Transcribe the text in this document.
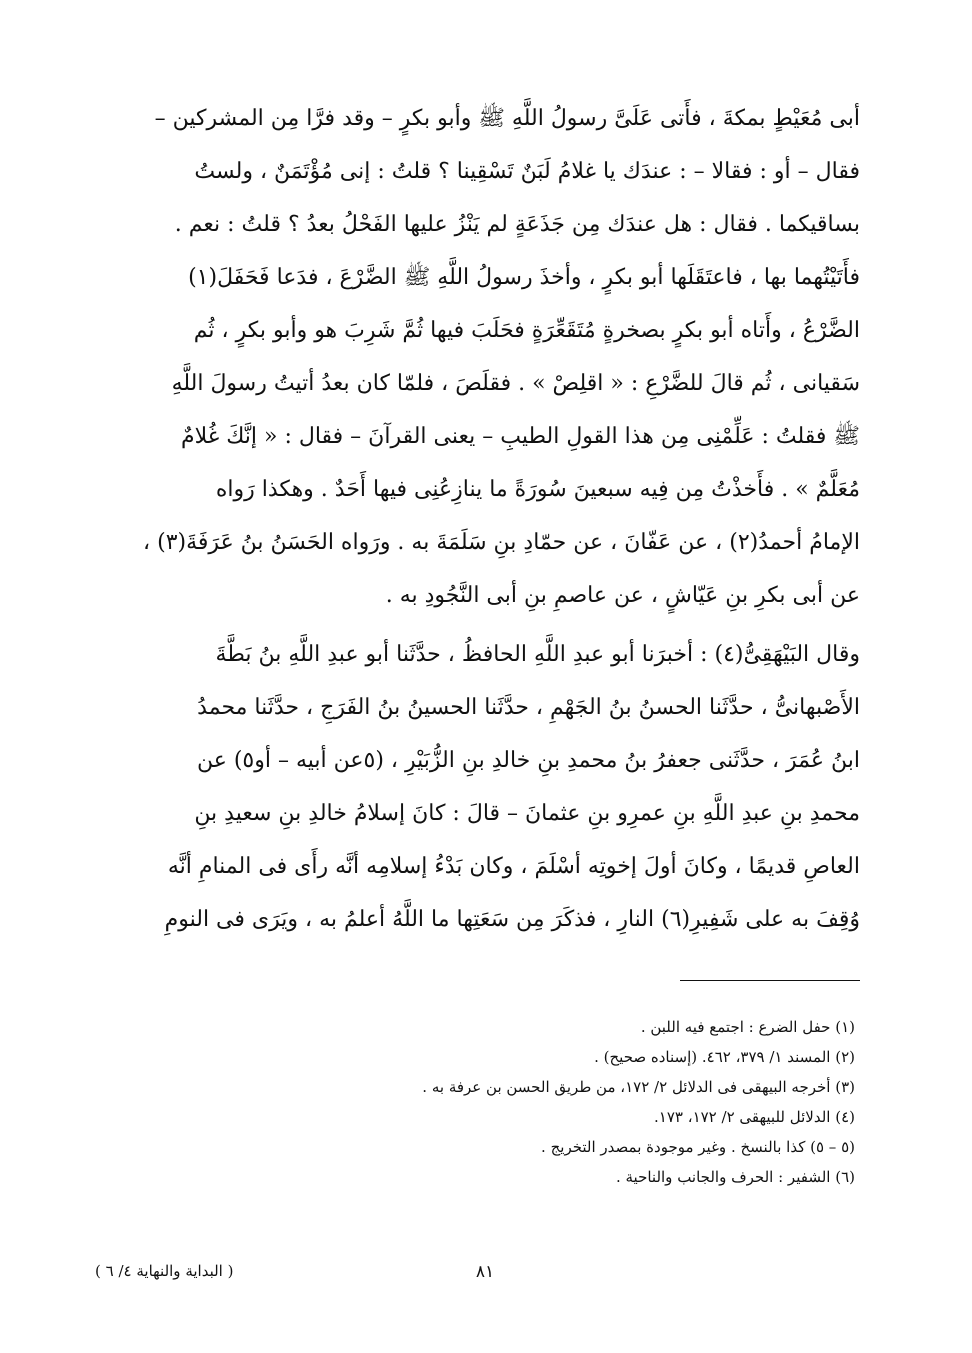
أبى مُعَيْطٍ بمكةَ ، فأَتى عَلَىَّ رسولُ اللَّهِ ﷺ وأبو بكرٍ – وقد فرَّا مِن المشركين –
فقال – أو : فقالا – : عندَك يا غلامُ لَبَنٌ تَسْقِينا ؟ قلتُ : إنى مُؤْتَمَنٌ ، ولستُ
بساقيكما . فقال : هل عندَك مِن جَذَعَةٍ لم يَنْزُ عليها الفَحْلُ بعدُ ؟ قلتُ : نعم .
فأَتَيْتُهما بها ، فاعتَقَلَها أبو بكرٍ ، وأخذَ رسولُ اللَّهِ ﷺ الضَّرْعَ ، فدَعا فَحَفَلَ(١)
الضَّرْعُ ، وأَتاه أبو بكرٍ بصخرةٍ مُتَقَعِّرَةٍ فحَلَبَ فيها ثُمَّ شَرِبَ هو وأبو بكرٍ ، ثُم
سَقيانى ، ثُم قالَ للضَّرْعِ : « اقلِصْ » . فقلَصَ ، فلمّا كان بعدُ أتيتُ رسولَ اللَّهِ
ﷺ فقلتُ : عَلِّمْنِى مِن هذا القولِ الطيبِ – يعنى القرآنَ – فقال : « إنَّكَ غُلامٌ
مُعَلَّمٌ » . فأَخذْتُ مِن فِيه سبعينَ سُورَةً ما ينازِعُنِى فيها أَحَدٌ . وهكذا رَواه
الإمامُ أحمدُ(٢) ، عن عَفّانَ ، عن حمّادِ بنِ سَلَمَةَ به . ورَواه الحَسَنُ بنُ عَرَفَةَ(٣) ،
عن أبى بكرِ بنِ عَيّاشٍ ، عن عاصمِ بنِ أبى النَّجُودِ به .
وقال البَيْهَقِىُّ(٤) : أخبرَنا أبو عبدِ اللَّهِ الحافظُ ، حدَّثَنا أبو عبدِ اللَّهِ بنُ بَطَّةَ
الأَصْبهانىُّ ، حدَّثَنا الحسنُ بنُ الجَهْمِ ، حدَّثَنا الحسينُ بنُ الفَرَجِ ، حدَّثَنا محمدُ
ابنُ عُمَرَ ، حدَّثَنى جعفرُ بنُ محمدِ بنِ خالدِ بنِ الزُّبَيْرِ ، (٥عن أبيه – أو٥) عن
محمدِ بنِ عبدِ اللَّهِ بنِ عمرِو بنِ عثمانَ – قالَ : كانَ إسلامُ خالدِ بنِ سعيدِ بنِ
العاصِ قديمًا ، وكانَ أولَ إخوتِه أسْلَمَ ، وكان بَدْءُ إسلامِه أنَّه رأَى فى المنامِ أنَّه
وُقِفَ به على شَفِيرِ(٦) النارِ ، فذكَرَ مِن سَعَتِها ما اللَّهُ أعلمُ به ، ويَرَى فى النومِ
(١) حفل الضرع : اجتمع فيه اللبن .
(٢) المسند ١/ ٣٧٩، ٤٦٢. (إسناده صحيح) .
(٣) أخرجه البيهقى فى الدلائل ٢/ ١٧٢، من طريق الحسن بن عرفة به .
(٤) الدلائل للبيهقى ٢/ ١٧٢، ١٧٣.
(٥ – ٥) كذا بالنسخ . وغير موجودة بمصدر التخريج .
(٦) الشفير : الحرف والجانب والناحية .
٨١
( البداية والنهاية ٤/ ٦ )
